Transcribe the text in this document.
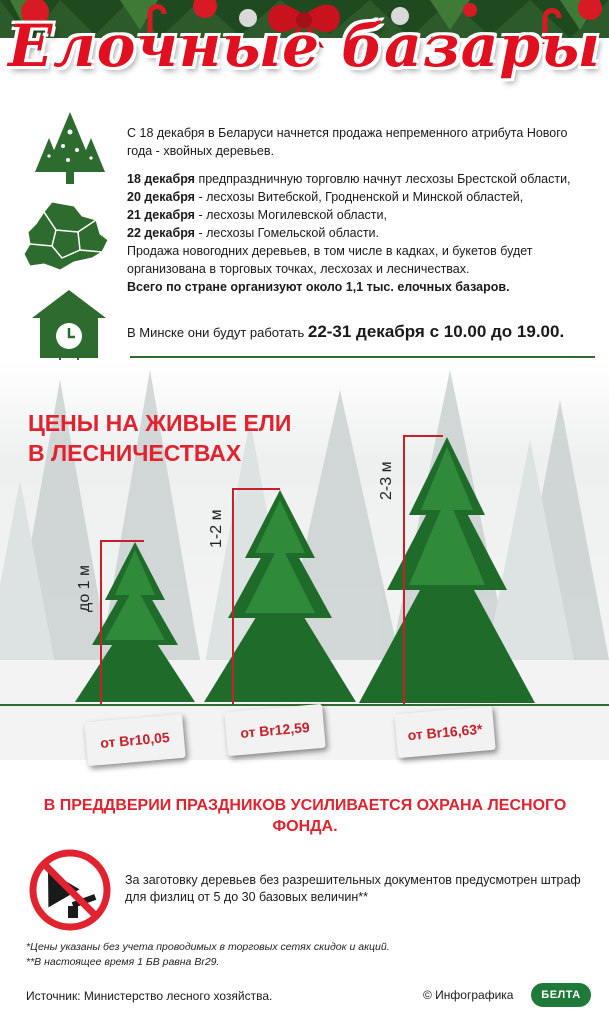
Елочные базары

С 18 декабря в Беларуси начнется продажа непременного атрибута Нового года - хвойных деревьев.

18 декабря предпраздничную торговлю начнут лесхозы Брестской области,

20 декабря - лесхозы Витебской, Гродненской и Минской областей,

21 декабря - лесхозы Могилевской области,

22 декабря - лесхозы Гомельской области.

Продажа новогодних деревьев, в том числе в кадках, и букетов будет организована в торговых точках, лесхозах и лесничествах.

Всего по стране организуют около 1,1 тыс. елочных базаров.

В Минске они будут работать 22-31 декабря с 10.00 до 19.00.
ЦЕНЫ НА ЖИВЫЕ ЕЛИ
В ЛЕСНИЧЕСТВАХ
до 1 м
1-2 м
2-3 м
от Br10,05	от Br12,59	от Br16,63*
В ПРЕДДВЕРИИ ПРАЗДНИКОВ УСИЛИВАЕТСЯ ОХРАНА ЛЕСНОГО ФОНДА.
За заготовку деревьев без разрешительных документов предусмотрен штраф для физлиц от 5 до 30 базовых величин**

*Цены указаны без учета проводимых в торговых сетях скидок и акций.

**В настоящее время 1 БВ равна Br29.

Источник: Министерство лесного хозяйства.	© Инфографика	БЕЛТА
